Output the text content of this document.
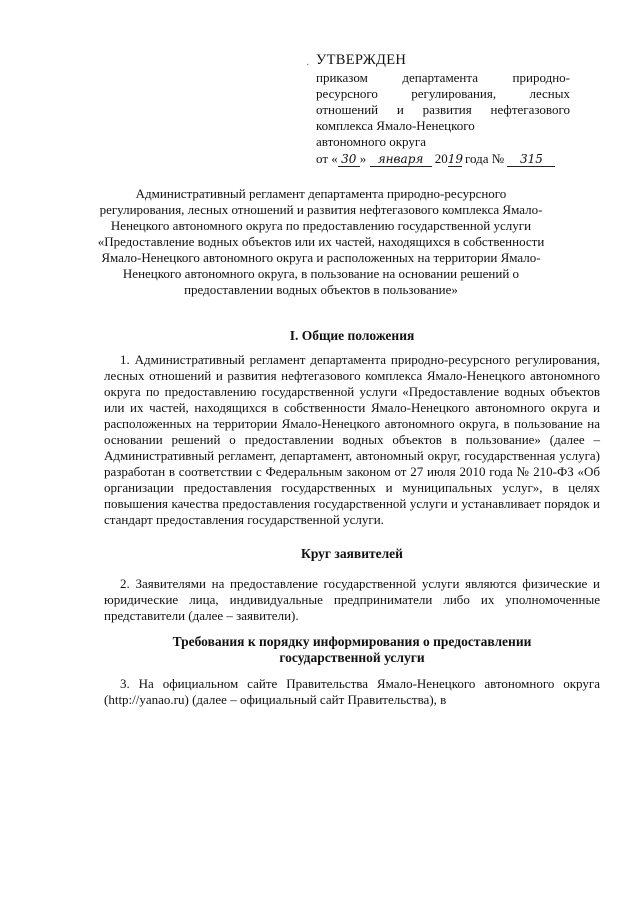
· УТВЕРЖДЕН
приказом департамента природно-
ресурсного регулирования, лесных
отношений и развития нефтегазового
комплекса Ямало-Ненецкого
автономного округа
от « 30 » января 2019 года № 315
Административный регламент департамента природно-ресурсного
регулирования, лесных отношений и развития нефтегазового комплекса Ямало-
Ненецкого автономного округа по предоставлению государственной услуги
«Предоставление водных объектов или их частей, находящихся в собственности
Ямало-Ненецкого автономного округа и расположенных на территории Ямало-
Ненецкого автономного округа, в пользование на основании решений о
предоставлении водных объектов в пользование»
I. Общие положения

1. Административный регламент департамента природно-ресурсного регулирования, лесных отношений и развития нефтегазового комплекса Ямало-Ненецкого автономного округа по предоставлению государственной услуги «Предоставление водных объектов или их частей, находящихся в собственности Ямало-Ненецкого автономного округа и расположенных на территории Ямало-Ненецкого автономного округа, в пользование на основании решений о предоставлении водных объектов в пользование» (далее – Административный регламент, департамент, автономный округ, государственная услуга) разработан в соответствии с Федеральным законом от 27 июля 2010 года № 210-ФЗ «Об организации предоставления государственных и муниципальных услуг», в целях повышения качества предоставления государственной услуги и устанавливает порядок и стандарт предоставления государственной услуги.

Круг заявителей

2. Заявителями на предоставление государственной услуги являются физические и юридические лица, индивидуальные предприниматели либо их уполномоченные представители (далее – заявители).

Требования к порядку информирования о предоставлении
государственной услуги

3. На официальном сайте Правительства Ямало-Ненецкого автономного округа (http://yanao.ru) (далее – официальный сайт Правительства), в
